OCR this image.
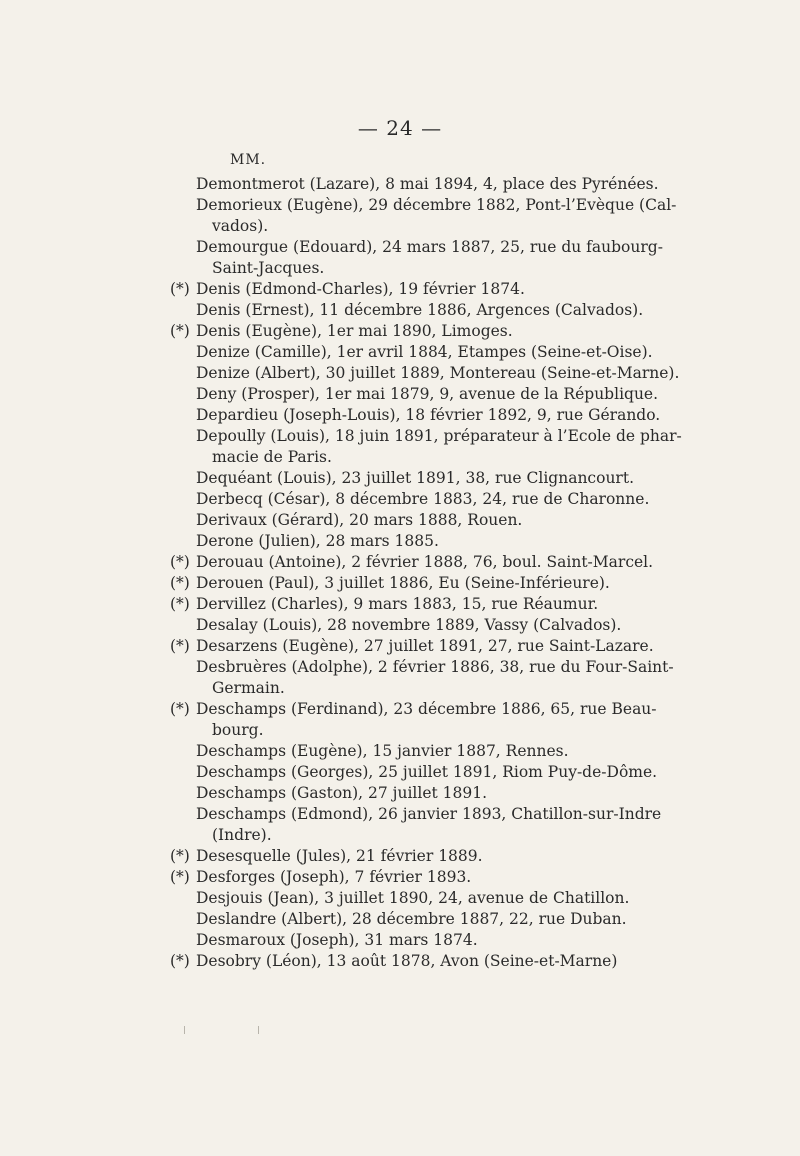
— 24 —
MM.
Demontmerot (Lazare), 8 mai 1894, 4, place des Pyrénées.
Demorieux (Eugène), 29 décembre 1882, Pont-l’Evèque (Cal-
vados).
Demourgue (Edouard), 24 mars 1887, 25, rue du faubourg-
Saint-Jacques.
(*) Denis (Edmond-Charles), 19 février 1874.
Denis (Ernest), 11 décembre 1886, Argences (Calvados).
(*) Denis (Eugène), 1er mai 1890, Limoges.
Denize (Camille), 1er avril 1884, Etampes (Seine-et-Oise).
Denize (Albert), 30 juillet 1889, Montereau (Seine-et-Marne).
Deny (Prosper), 1er mai 1879, 9, avenue de la République.
Depardieu (Joseph-Louis), 18 février 1892, 9, rue Gérando.
Depoully (Louis), 18 juin 1891, préparateur à l’Ecole de phar-
macie de Paris.
Dequéant (Louis), 23 juillet 1891, 38, rue Clignancourt.
Derbecq (César), 8 décembre 1883, 24, rue de Charonne.
Derivaux (Gérard), 20 mars 1888, Rouen.
Derone (Julien), 28 mars 1885.
(*) Derouau (Antoine), 2 février 1888, 76, boul. Saint-Marcel.
(*) Derouen (Paul), 3 juillet 1886, Eu (Seine-Inférieure).
(*) Dervillez (Charles), 9 mars 1883, 15, rue Réaumur.
Desalay (Louis), 28 novembre 1889, Vassy (Calvados).
(*) Desarzens (Eugène), 27 juillet 1891, 27, rue Saint-Lazare.
Desbruères (Adolphe), 2 février 1886, 38, rue du Four-Saint-
Germain.
(*) Deschamps (Ferdinand), 23 décembre 1886, 65, rue Beau-
bourg.
Deschamps (Eugène), 15 janvier 1887, Rennes.
Deschamps (Georges), 25 juillet 1891, Riom Puy-de-Dôme.
Deschamps (Gaston), 27 juillet 1891.
Deschamps (Edmond), 26 janvier 1893, Chatillon-sur-Indre
(Indre).
(*) Desesquelle (Jules), 21 février 1889.
(*) Desforges (Joseph), 7 février 1893.
Desjouis (Jean), 3 juillet 1890, 24, avenue de Chatillon.
Deslandre (Albert), 28 décembre 1887, 22, rue Duban.
Desmaroux (Joseph), 31 mars 1874.
(*) Desobry (Léon), 13 août 1878, Avon (Seine-et-Marne)
